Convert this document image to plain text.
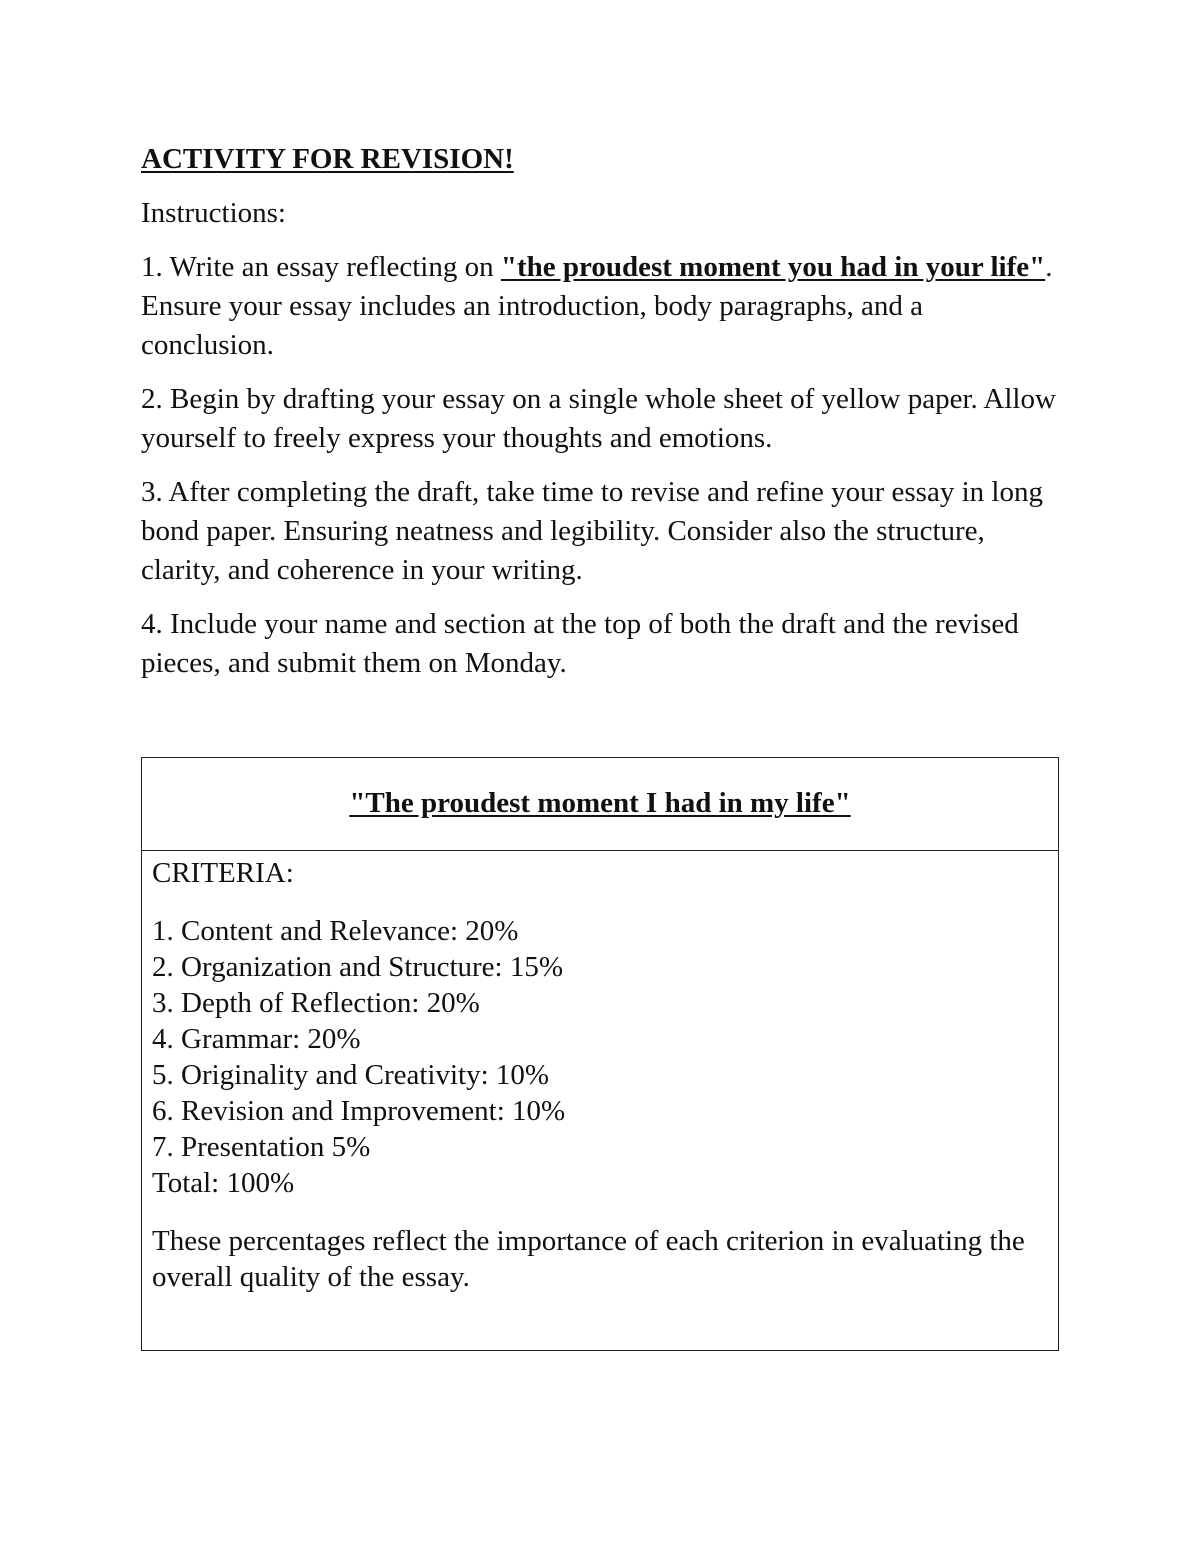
ACTIVITY FOR REVISION!

Instructions:

1. Write an essay reflecting on "the proudest moment you had in your life". Ensure your essay includes an introduction, body paragraphs, and a conclusion.

2. Begin by drafting your essay on a single whole sheet of yellow paper. Allow yourself to freely express your thoughts and emotions.

3. After completing the draft, take time to revise and refine your essay in long bond paper. Ensuring neatness and legibility. Consider also the structure, clarity, and coherence in your writing.

4. Include your name and section at the top of both the draft and the revised pieces, and submit them on Monday.

"The proudest moment I had in my life"

CRITERIA:

1. Content and Relevance: 20%
2. Organization and Structure: 15%
3. Depth of Reflection: 20%
4. Grammar: 20%
5. Originality and Creativity: 10%
6. Revision and Improvement: 10%
7. Presentation 5%

Total: 100%

These percentages reflect the importance of each criterion in evaluating the overall quality of the essay.
